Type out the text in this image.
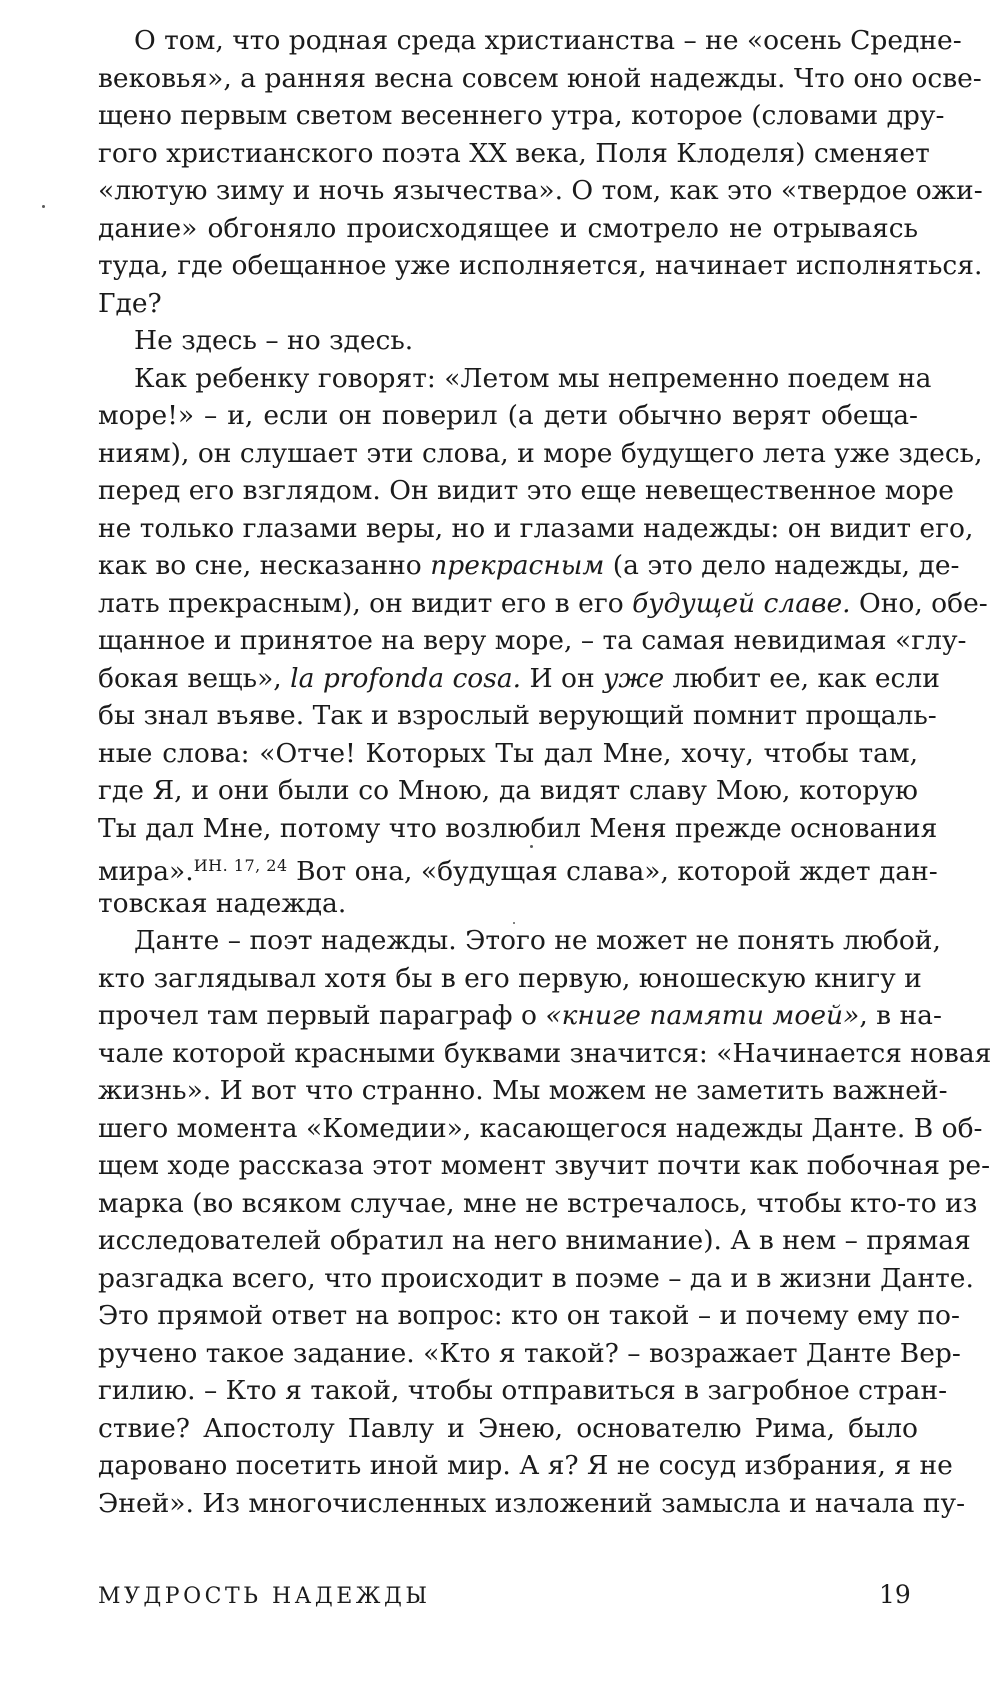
О том, что родная среда христианства – не «осень Средне-
вековья», а ранняя весна совсем юной надежды. Что оно осве-
щено первым светом весеннего утра, которое (словами дру-
гого христианского поэта XX века, Поля Клоделя) сменяет
«лютую зиму и ночь язычества». О том, как это «твердое ожи-
дание» обгоняло происходящее и смотрело не отрываясь
туда, где обещанное уже исполняется, начинает исполняться.
Где?
Не здесь – но здесь.
Как ребенку говорят: «Летом мы непременно поедем на
море!» – и, если он поверил (а дети обычно верят обеща-
ниям), он слушает эти слова, и море будущего лета уже здесь,
перед его взглядом. Он видит это еще невещественное море
не только глазами веры, но и глазами надежды: он видит его,
как во сне, несказанно прекрасным (а это дело надежды, де-
лать прекрасным), он видит его в его будущей славе. Оно, обе-
щанное и принятое на веру море, – та самая невидимая «глу-
бокая вещь», la profonda cosa. И он уже любит ее, как если
бы знал въяве. Так и взрослый верующий помнит прощаль-
ные слова: «Отче! Которых Ты дал Мне, хочу, чтобы там,
где Я, и они были со Мною, да видят славу Мою, которую
Ты дал Мне, потому что возлюбил Меня прежде основания
мира».$^{ИН. 17, 24}$ Вот она, «будущая слава», которой ждет дан-
товская надежда.
Данте – поэт надежды. Этого не может не понять любой,
кто заглядывал хотя бы в его первую, юношескую книгу и
прочел там первый параграф о «книге памяти моей», в на-
чале которой красными буквами значится: «Начинается новая
жизнь». И вот что странно. Мы можем не заметить важней-
шего момента «Комедии», касающегося надежды Данте. В об-
щем ходе рассказа этот момент звучит почти как побочная ре-
марка (во всяком случае, мне не встречалось, чтобы кто-то из
исследователей обратил на него внимание). А в нем – прямая
разгадка всего, что происходит в поэме – да и в жизни Данте.
Это прямой ответ на вопрос: кто он такой – и почему ему по-
ручено такое задание. «Кто я такой? – возражает Данте Вер-
гилию. – Кто я такой, чтобы отправиться в загробное стран-
ствие? Апостолу Павлу и Энею, основателю Рима, было
даровано посетить иной мир. А я? Я не сосуд избрания, я не
Эней». Из многочисленных изложений замысла и начала пу-
МУДРОСТЬ НАДЕЖДЫ	19
